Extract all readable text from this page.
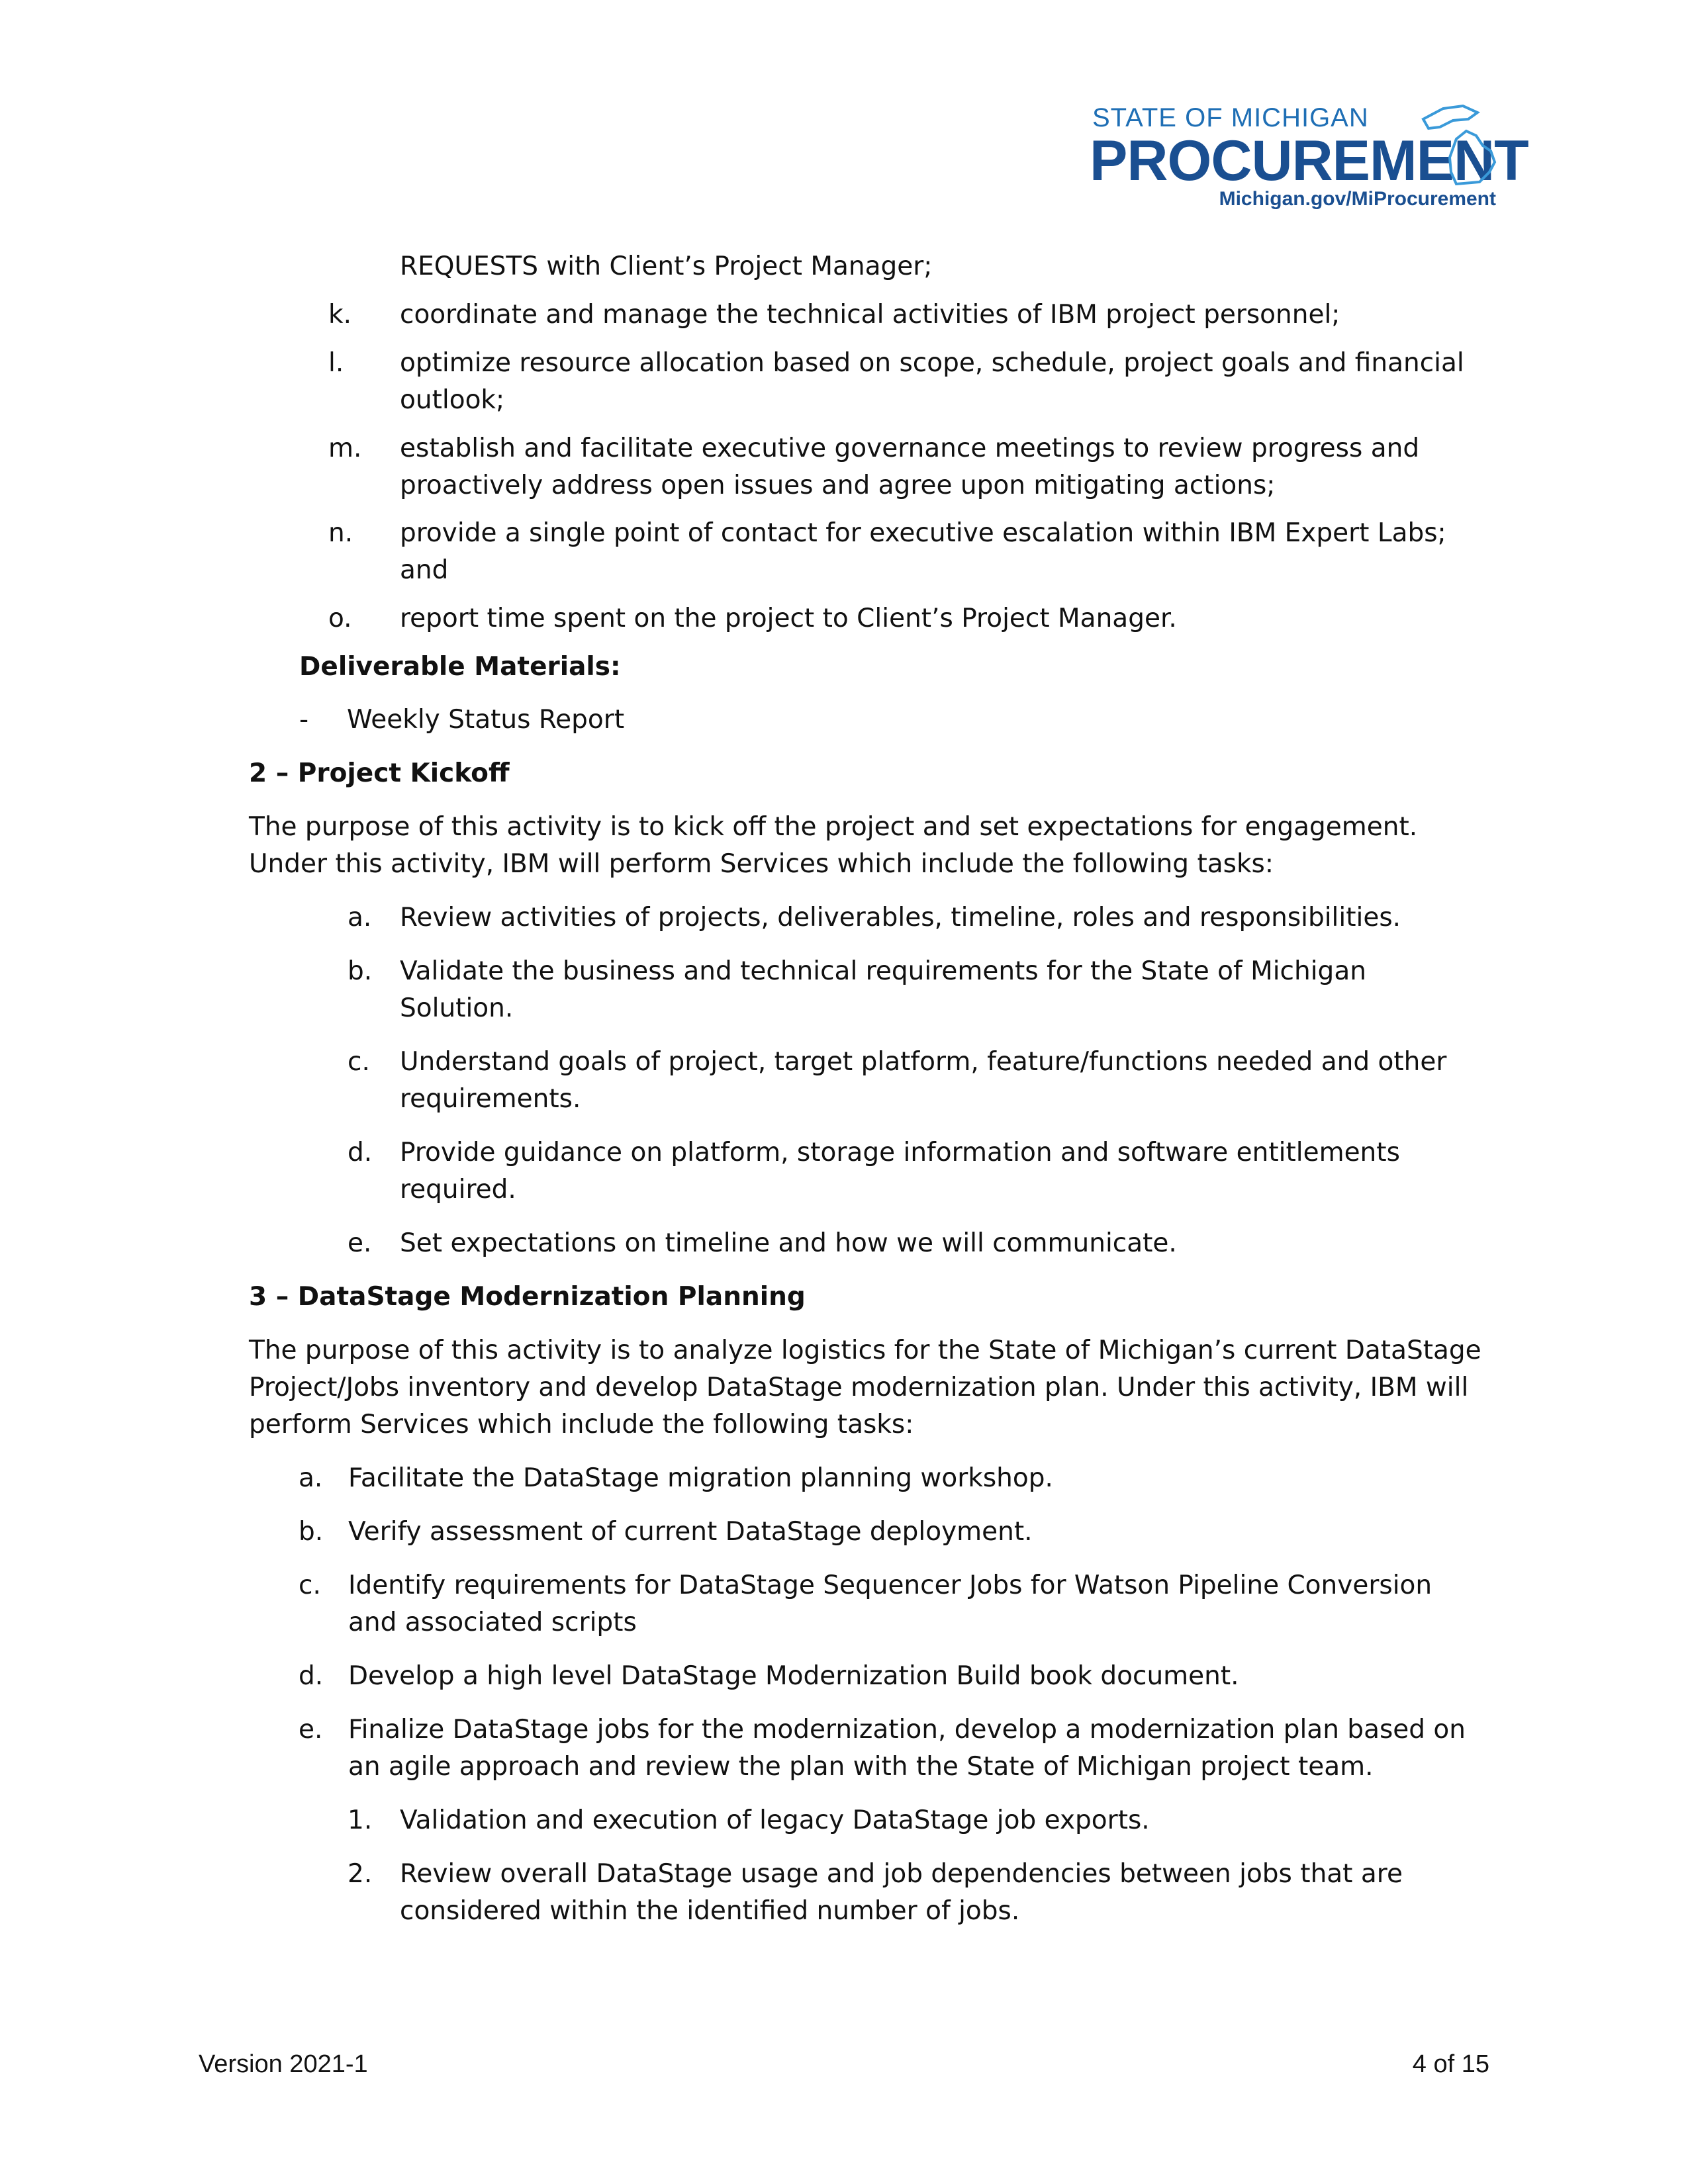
STATE OF MICHIGAN
PROCUREMENT
Michigan.gov/MiProcurement
REQUESTS with Client’s Project Manager;
k. coordinate and manage the technical activities of IBM project personnel;
l. optimize resource allocation based on scope, schedule, project goals and financial
outlook;
m. establish and facilitate executive governance meetings to review progress and
proactively address open issues and agree upon mitigating actions;
n. provide a single point of contact for executive escalation within IBM Expert Labs;
and
o. report time spent on the project to Client’s Project Manager.
Deliverable Materials:
- Weekly Status Report
2 – Project Kickoff
The purpose of this activity is to kick off the project and set expectations for engagement.
Under this activity, IBM will perform Services which include the following tasks:
a. Review activities of projects, deliverables, timeline, roles and responsibilities.
b. Validate the business and technical requirements for the State of Michigan
Solution.
c. Understand goals of project, target platform, feature/functions needed and other
requirements.
d. Provide guidance on platform, storage information and software entitlements
required.
e. Set expectations on timeline and how we will communicate.
3 – DataStage Modernization Planning
The purpose of this activity is to analyze logistics for the State of Michigan’s current DataStage
Project/Jobs inventory and develop DataStage modernization plan. Under this activity, IBM will
perform Services which include the following tasks:
a. Facilitate the DataStage migration planning workshop.
b. Verify assessment of current DataStage deployment.
c. Identify requirements for DataStage Sequencer Jobs for Watson Pipeline Conversion
and associated scripts
d. Develop a high level DataStage Modernization Build book document.
e. Finalize DataStage jobs for the modernization, develop a modernization plan based on
an agile approach and review the plan with the State of Michigan project team.
1. Validation and execution of legacy DataStage job exports.
2. Review overall DataStage usage and job dependencies between jobs that are
considered within the identified number of jobs.
Version 2021-1	4 of 15
